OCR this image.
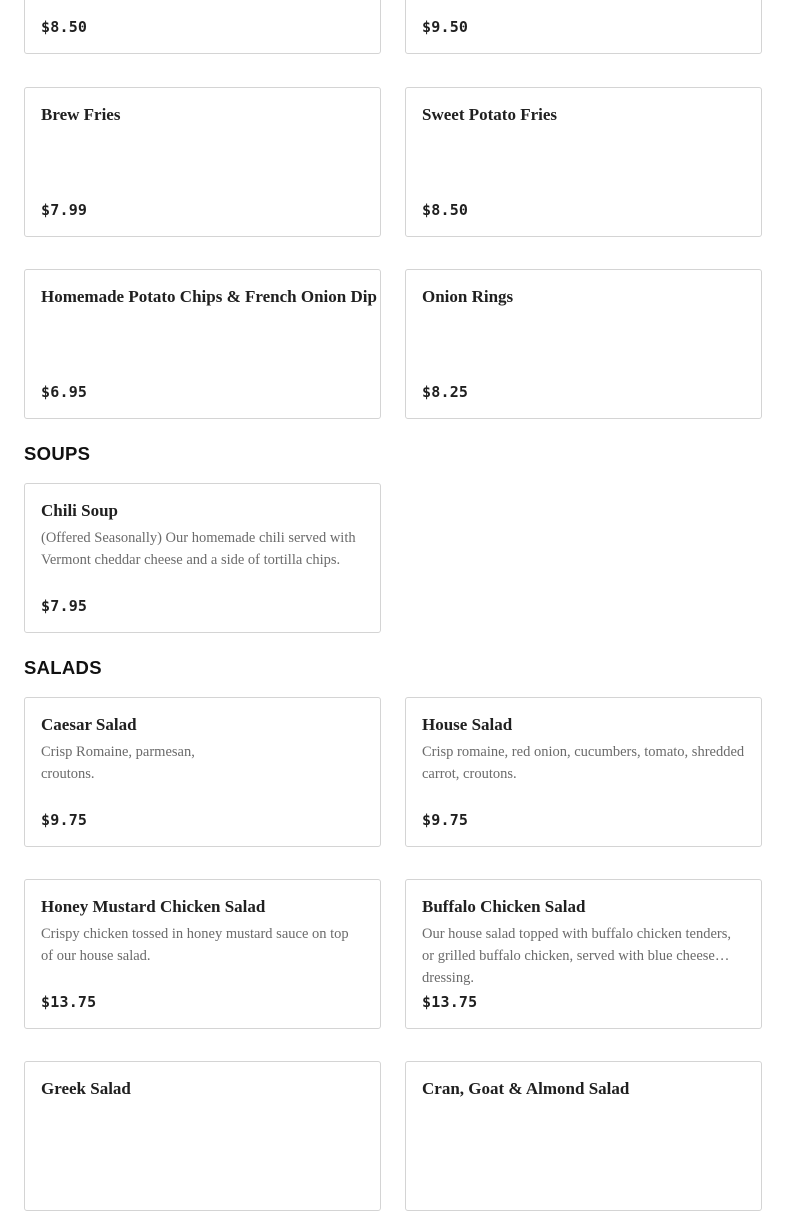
$8.50	$9.50
Brew Fries
$7.99
Sweet Potato Fries
$8.50
Homemade Potato Chips & French Onion Dip
$6.95
Onion Rings
$8.25
SOUPS
Chili Soup
(Offered Seasonally) Our homemade chili served with Vermont cheddar cheese and a side of tortilla chips.
$7.95
SALADS
Caesar Salad
Crisp Romaine, parmesan,
croutons.
$9.75
House Salad
Crisp romaine, red onion, cucumbers, tomato, shredded carrot, croutons.
$9.75
Honey Mustard Chicken Salad
Crispy chicken tossed in honey mustard sauce on top of our house salad.
$13.75
Buffalo Chicken Salad
Our house salad topped with buffalo chicken tenders, or grilled buffalo chicken, served with blue cheese dressing.
$13.75
Greek Salad	Cran, Goat & Almond Salad
